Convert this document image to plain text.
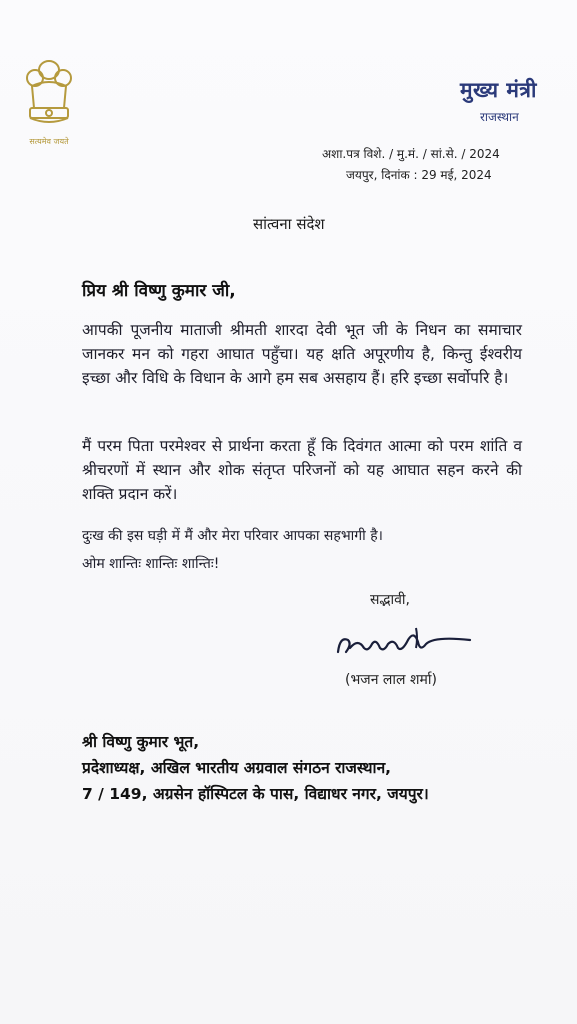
सत्यमेव जयते
मुख्य मंत्री
राजस्थान
अशा.पत्र विशे. / मु.मं. / सां.से. / 2024
जयपुर, दिनांक : 29 मई, 2024
सांत्वना संदेश
प्रिय श्री विष्णु कुमार जी,
आपकी पूजनीय माताजी श्रीमती शारदा देवी भूत जी के निधन का समाचार जानकर मन को गहरा आघात पहुँचा। यह क्षति अपूरणीय है, किन्तु ईश्वरीय इच्छा और विधि के विधान के आगे हम सब असहाय हैं। हरि इच्छा सर्वोपरि है।
मैं परम पिता परमेश्वर से प्रार्थना करता हूँ कि दिवंगत आत्मा को परम शांति व श्रीचरणों में स्थान और शोक संतृप्त परिजनों को यह आघात सहन करने की शक्ति प्रदान करें।
दुःख की इस घड़ी में मैं और मेरा परिवार आपका सहभागी है।
ओम शान्तिः शान्तिः शान्तिः!
सद्भावी,
(भजन लाल शर्मा)
श्री विष्णु कुमार भूत,
प्रदेशाध्यक्ष, अखिल भारतीय अग्रवाल संगठन राजस्थान,
7 / 149, अग्रसेन हॉस्पिटल के पास, विद्याधर नगर, जयपुर।
